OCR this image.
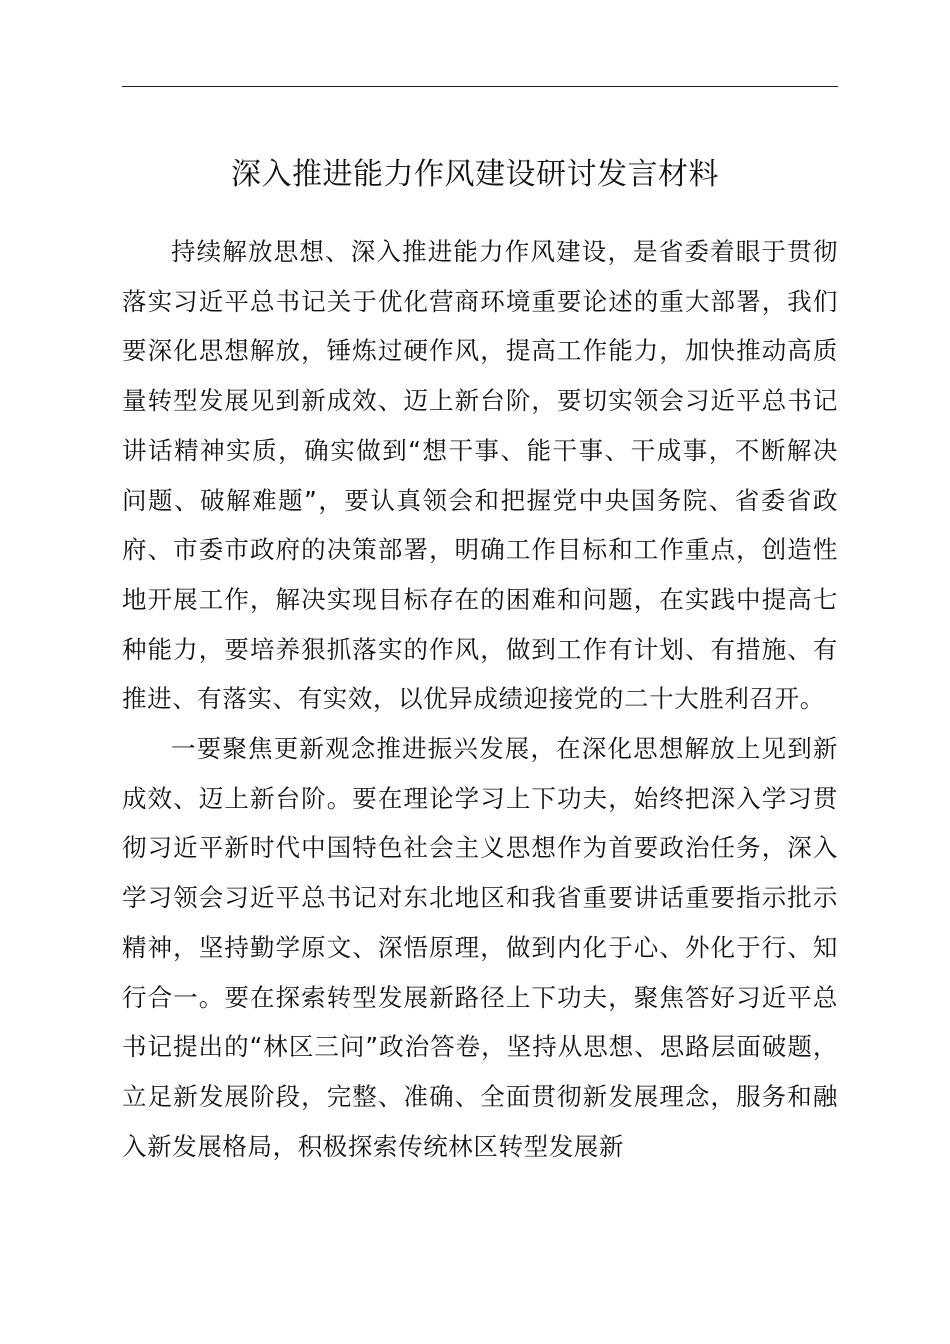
深入推进能力作风建设研讨发言材料

持续解放思想、深入推进能力作风建设，是省委着眼于贯彻落实习近平总书记关于优化营商环境重要论述的重大部署，我们要深化思想解放，锤炼过硬作风，提高工作能力，加快推动高质量转型发展见到新成效、迈上新台阶，要切实领会习近平总书记讲话精神实质，确实做到“想干事、能干事、干成事，不断解决问题、破解难题”，要认真领会和把握党中央国务院、省委省政府、市委市政府的决策部署，明确工作目标和工作重点，创造性地开展工作，解决实现目标存在的困难和问题，在实践中提高七种能力，要培养狠抓落实的作风，做到工作有计划、有措施、有推进、有落实、有实效，以优异成绩迎接党的二十大胜利召开。

一要聚焦更新观念推进振兴发展，在深化思想解放上见到新成效、迈上新台阶。要在理论学习上下功夫，始终把深入学习贯彻习近平新时代中国特色社会主义思想作为首要政治任务，深入学习领会习近平总书记对东北地区和我省重要讲话重要指示批示精神，坚持勤学原文、深悟原理，做到内化于心、外化于行、知行合一。要在探索转型发展新路径上下功夫，聚焦答好习近平总书记提出的“林区三问”政治答卷，坚持从思想、思路层面破题，立足新发展阶段，完整、准确、全面贯彻新发展理念，服务和融入新发展格局，积极探索传统林区转型发展新
